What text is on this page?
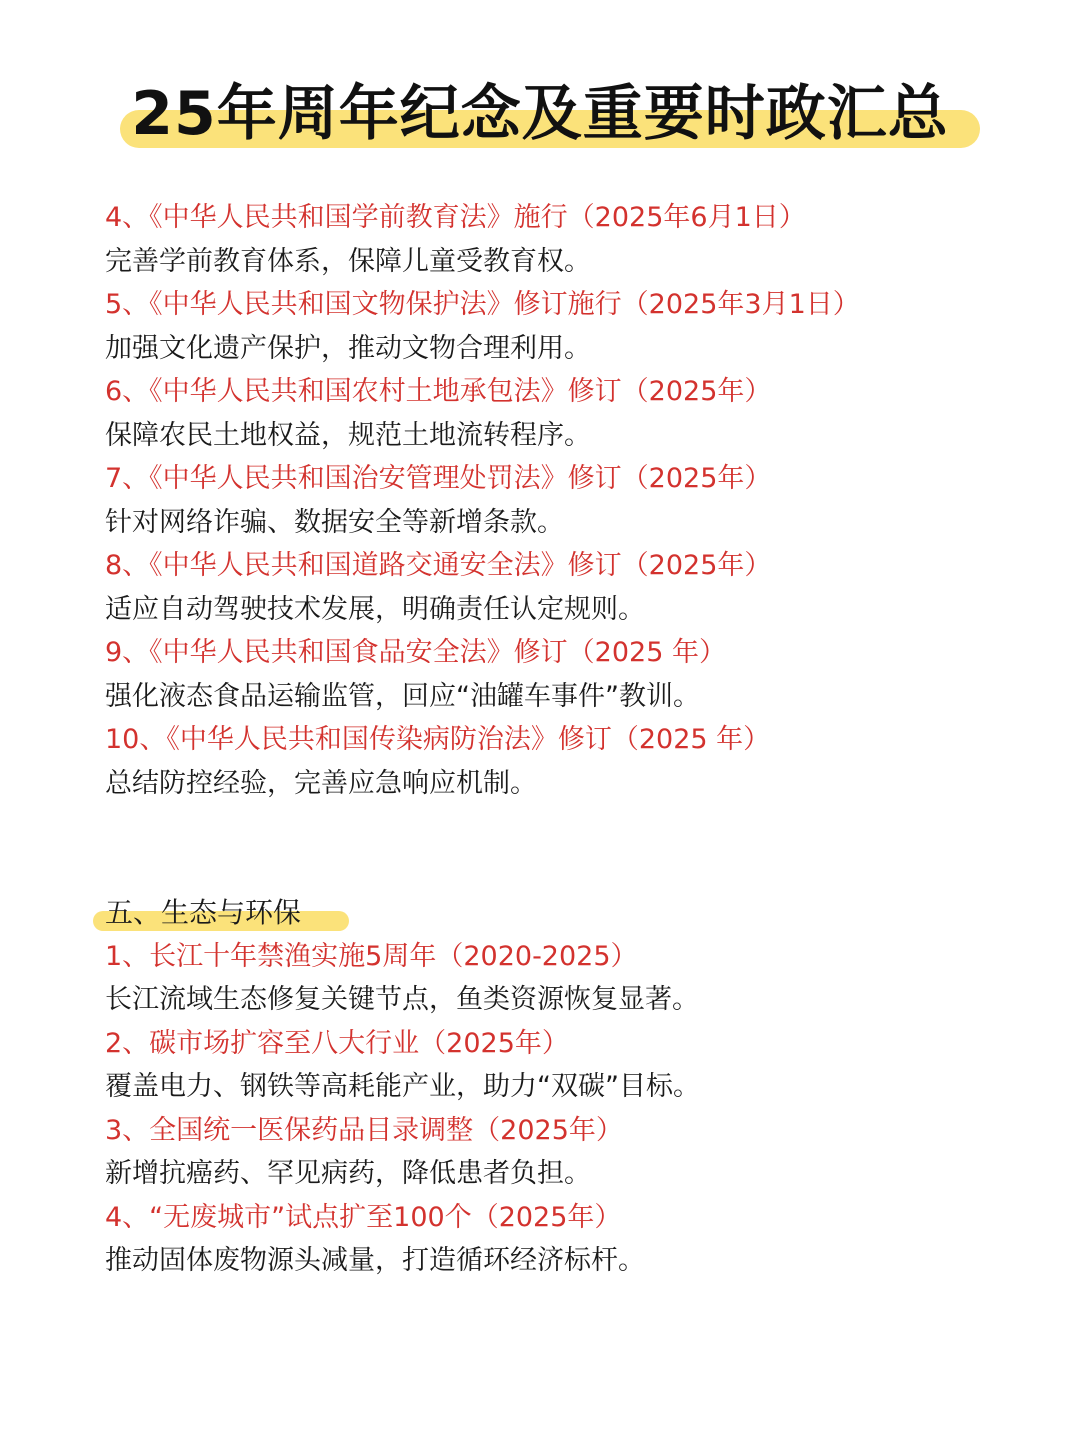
25年周年纪念及重要时政汇总
4、《中华人民共和国学前教育法》施行（2025年6月1日）
完善学前教育体系，保障儿童受教育权。
5、《中华人民共和国文物保护法》修订施行（2025年3月1日）
加强文化遗产保护，推动文物合理利用。
6、《中华人民共和国农村土地承包法》修订（2025年）
保障农民土地权益，规范土地流转程序。
7、《中华人民共和国治安管理处罚法》修订（2025年）
针对网络诈骗、数据安全等新增条款。
8、《中华人民共和国道路交通安全法》修订（2025年）
适应自动驾驶技术发展，明确责任认定规则。
9、《中华人民共和国食品安全法》修订（2025 年）
强化液态食品运输监管，回应“油罐车事件”教训。
10、《中华人民共和国传染病防治法》修订（2025 年）
总结防控经验，完善应急响应机制。
五、生态与环保
1、长江十年禁渔实施5周年（2020-2025）
长江流域生态修复关键节点，鱼类资源恢复显著。
2、碳市场扩容至八大行业（2025年）
覆盖电力、钢铁等高耗能产业，助力“双碳”目标。
3、全国统一医保药品目录调整（2025年）
新增抗癌药、罕见病药，降低患者负担。
4、“无废城市”试点扩至100个（2025年）
推动固体废物源头减量，打造循环经济标杆。
